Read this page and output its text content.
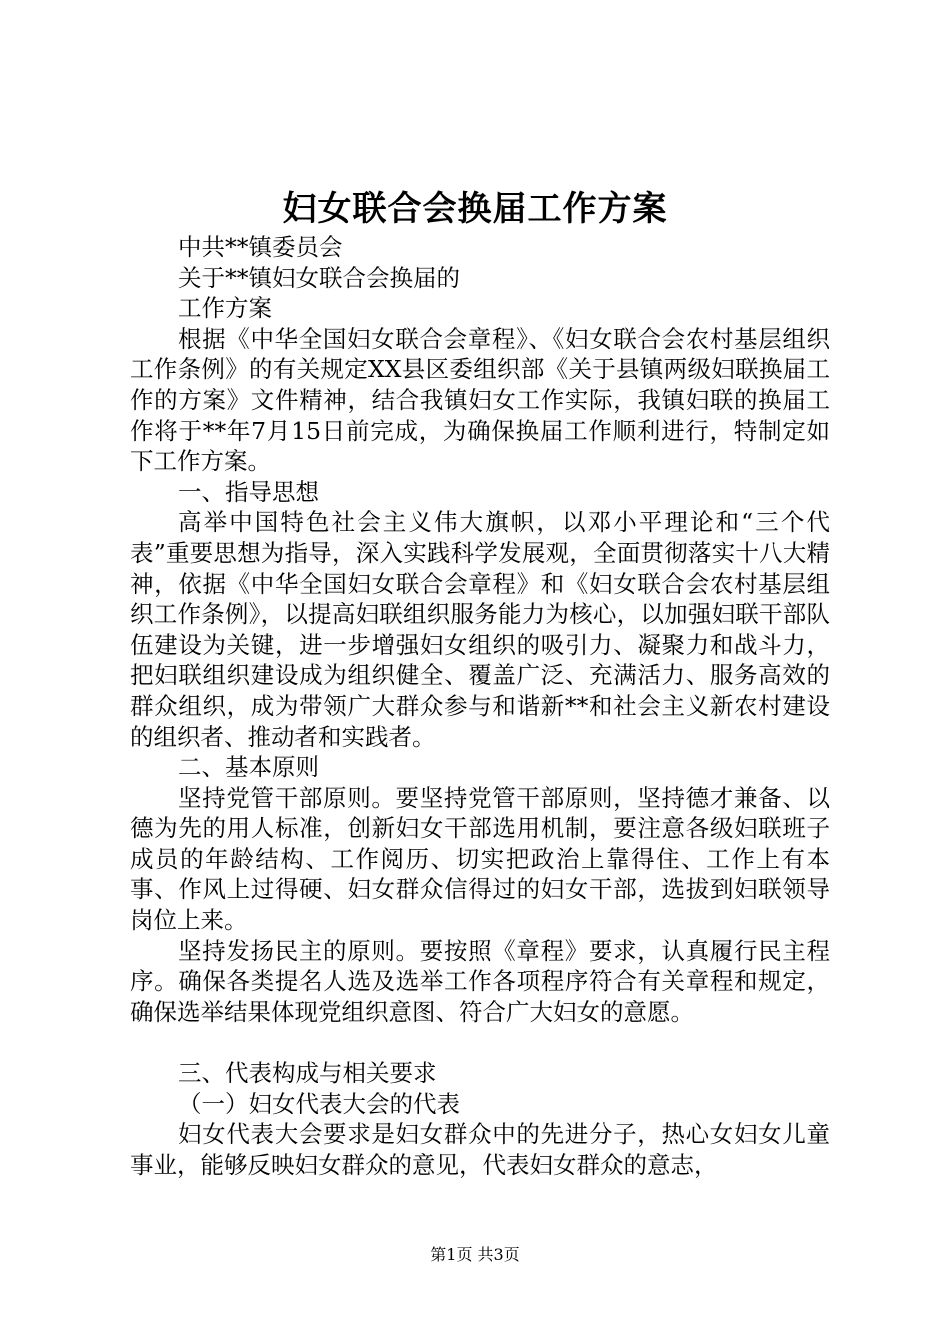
妇女联合会换届工作方案

中共**镇委员会

关于**镇妇女联合会换届的

工作方案

根据《中华全国妇女联合会章程》、《妇女联合会农村基层组织工作条例》的有关规定XX县区委组织部《关于县镇两级妇联换届工作的方案》文件精神，结合我镇妇女工作实际，我镇妇联的换届工作将于**年7月15日前完成，为确保换届工作顺利进行，特制定如下工作方案。

一、指导思想

高举中国特色社会主义伟大旗帜，以邓小平理论和“三个代表”重要思想为指导，深入实践科学发展观，全面贯彻落实十八大精神，依据《中华全国妇女联合会章程》和《妇女联合会农村基层组织工作条例》，以提高妇联组织服务能力为核心，以加强妇联干部队伍建设为关键，进一步增强妇女组织的吸引力、凝聚力和战斗力，把妇联组织建设成为组织健全、覆盖广泛、充满活力、服务高效的群众组织，成为带领广大群众参与和谐新**和社会主义新农村建设的组织者、推动者和实践者。

二、基本原则

坚持党管干部原则。要坚持党管干部原则，坚持德才兼备、以德为先的用人标准，创新妇女干部选用机制，要注意各级妇联班子成员的年龄结构、工作阅历、切实把政治上靠得住、工作上有本事、作风上过得硬、妇女群众信得过的妇女干部，选拔到妇联领导岗位上来。

坚持发扬民主的原则。要按照《章程》要求，认真履行民主程序。确保各类提名人选及选举工作各项程序符合有关章程和规定，确保选举结果体现党组织意图、符合广大妇女的意愿。

三、代表构成与相关要求

（一）妇女代表大会的代表

妇女代表大会要求是妇女群众中的先进分子，热心女妇女儿童事业，能够反映妇女群众的意见，代表妇女群众的意志，

第1页 共3页
